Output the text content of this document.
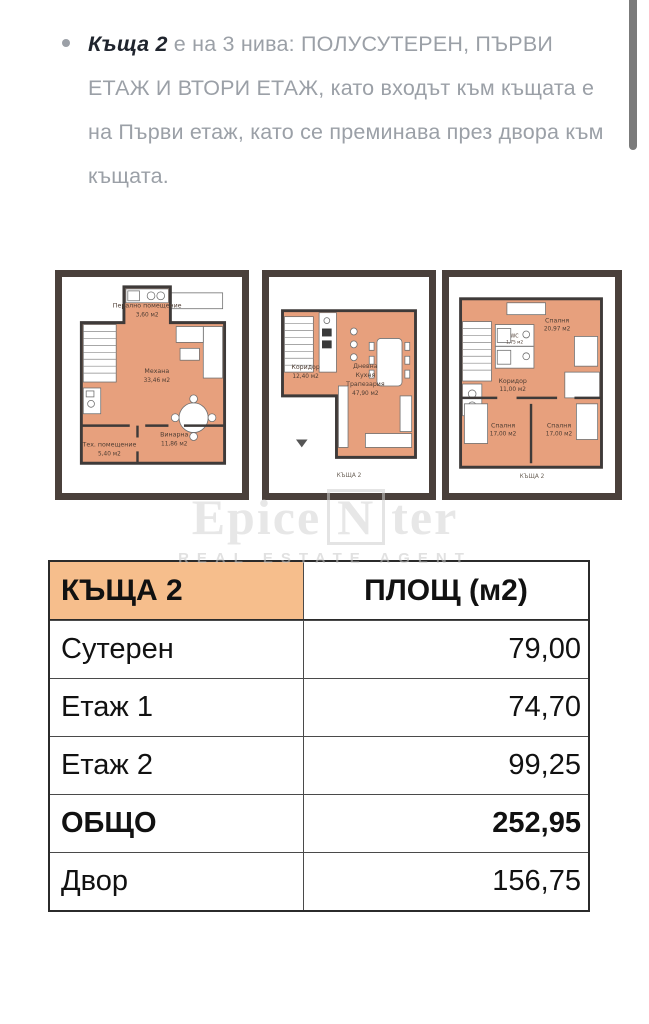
Къща 2 е на 3 нива: ПОЛУСУТЕРЕН, ПЪРВИ ЕТАЖ И ВТОРИ ЕТАЖ, като входът към къщата е на Първи етаж, като се преминава през двора към къщата.
Перално помещение
3,60 м2
Механа
33,46 м2
Винарна
11,86 м2
Тех. помещение
5,40 м2
Коридор
12,40 м2
Дневна
Кухня
Трапезария
47,90 м2
КЪЩА 2
Спалня
20,97 м2
WC
1,75 м2
Коридор
11,00 м2
Спалня
17,00 м2
Спалня
17,00 м2
КЪЩА 2
Epice N ter
REAL ESTATE AGENT
КЪЩА 2	ПЛОЩ (м2)
Сутерен	79,00
Етаж 1	74,70
Етаж 2	99,25
ОБЩО	252,95
Двор	156,75
